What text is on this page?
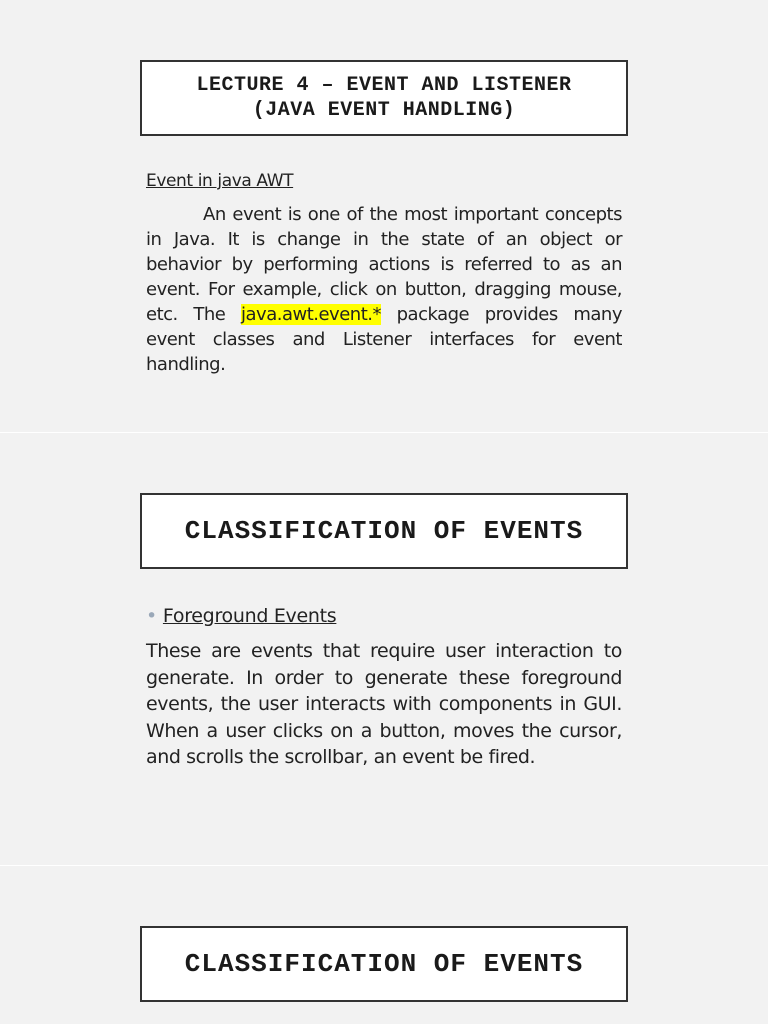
LECTURE 4 – EVENT AND LISTENER
(JAVA EVENT HANDLING)
Event in java AWT

An event is one of the most important concepts in Java. It is change in the state of an object or behavior by performing actions is referred to as an event. For example, click on button, dragging mouse, etc. The java.awt.event.* package provides many event classes and Listener interfaces for event handling.

CLASSIFICATION OF EVENTS
• Foreground Events

These are events that require user interaction to generate. In order to generate these foreground events, the user interacts with components in GUI. When a user clicks on a button, moves the cursor, and scrolls the scrollbar, an event be fired.

CLASSIFICATION OF EVENTS
